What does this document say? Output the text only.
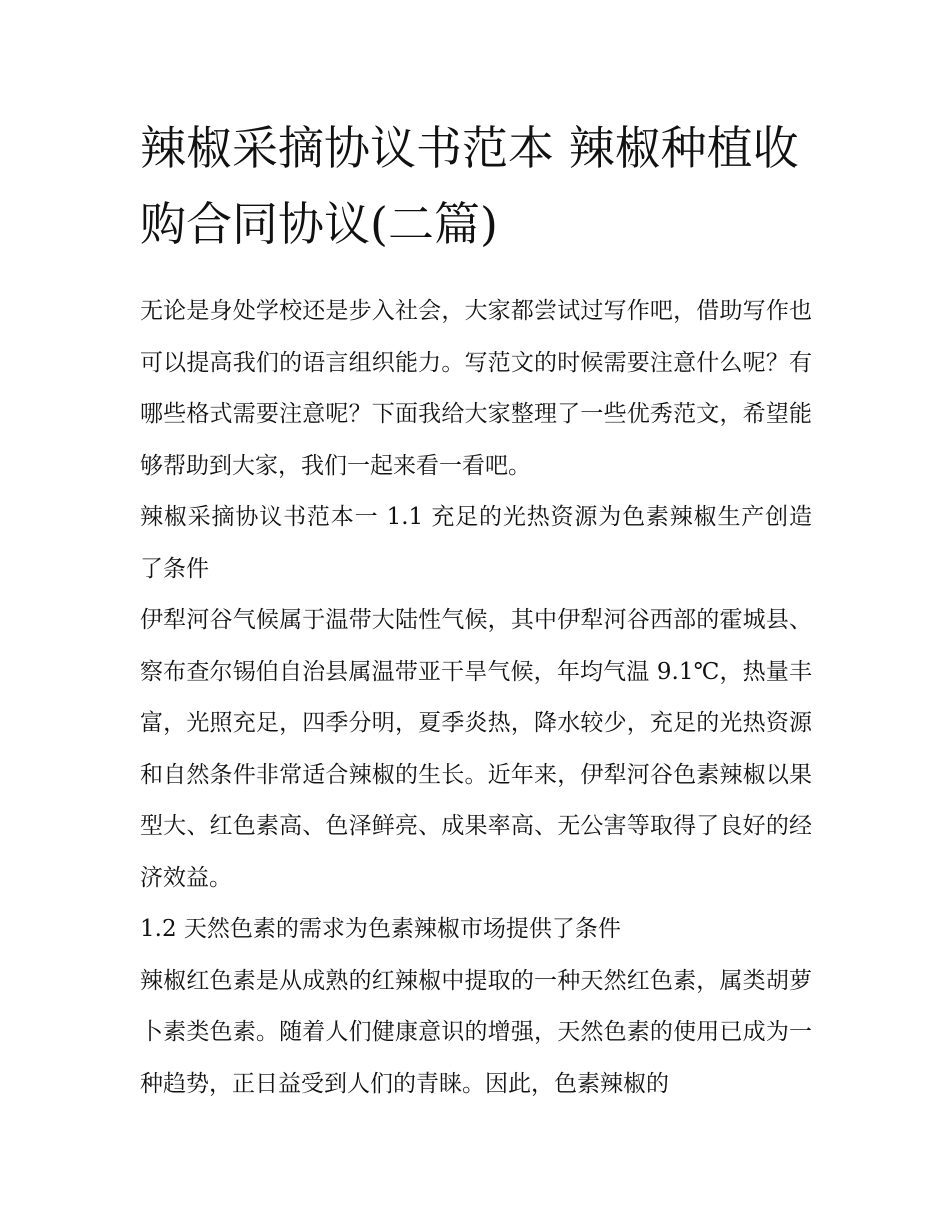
辣椒采摘协议书范本 辣椒种植收购合同协议(二篇)

无论是身处学校还是步入社会，大家都尝试过写作吧，借助写作也可以提高我们的语言组织能力。写范文的时候需要注意什么呢？有哪些格式需要注意呢？下面我给大家整理了一些优秀范文，希望能够帮助到大家，我们一起来看一看吧。

辣椒采摘协议书范本一 1.1 充足的光热资源为色素辣椒生产创造了条件

伊犁河谷气候属于温带大陆性气候，其中伊犁河谷西部的霍城县、察布查尔锡伯自治县属温带亚干旱气候，年均气温 9.1℃，热量丰富，光照充足，四季分明，夏季炎热，降水较少，充足的光热资源和自然条件非常适合辣椒的生长。近年来，伊犁河谷色素辣椒以果型大、红色素高、色泽鲜亮、成果率高、无公害等取得了良好的经济效益。

1.2 天然色素的需求为色素辣椒市场提供了条件

辣椒红色素是从成熟的红辣椒中提取的一种天然红色素，属类胡萝卜素类色素。随着人们健康意识的增强，天然色素的使用已成为一种趋势，正日益受到人们的青睐。因此，色素辣椒的
